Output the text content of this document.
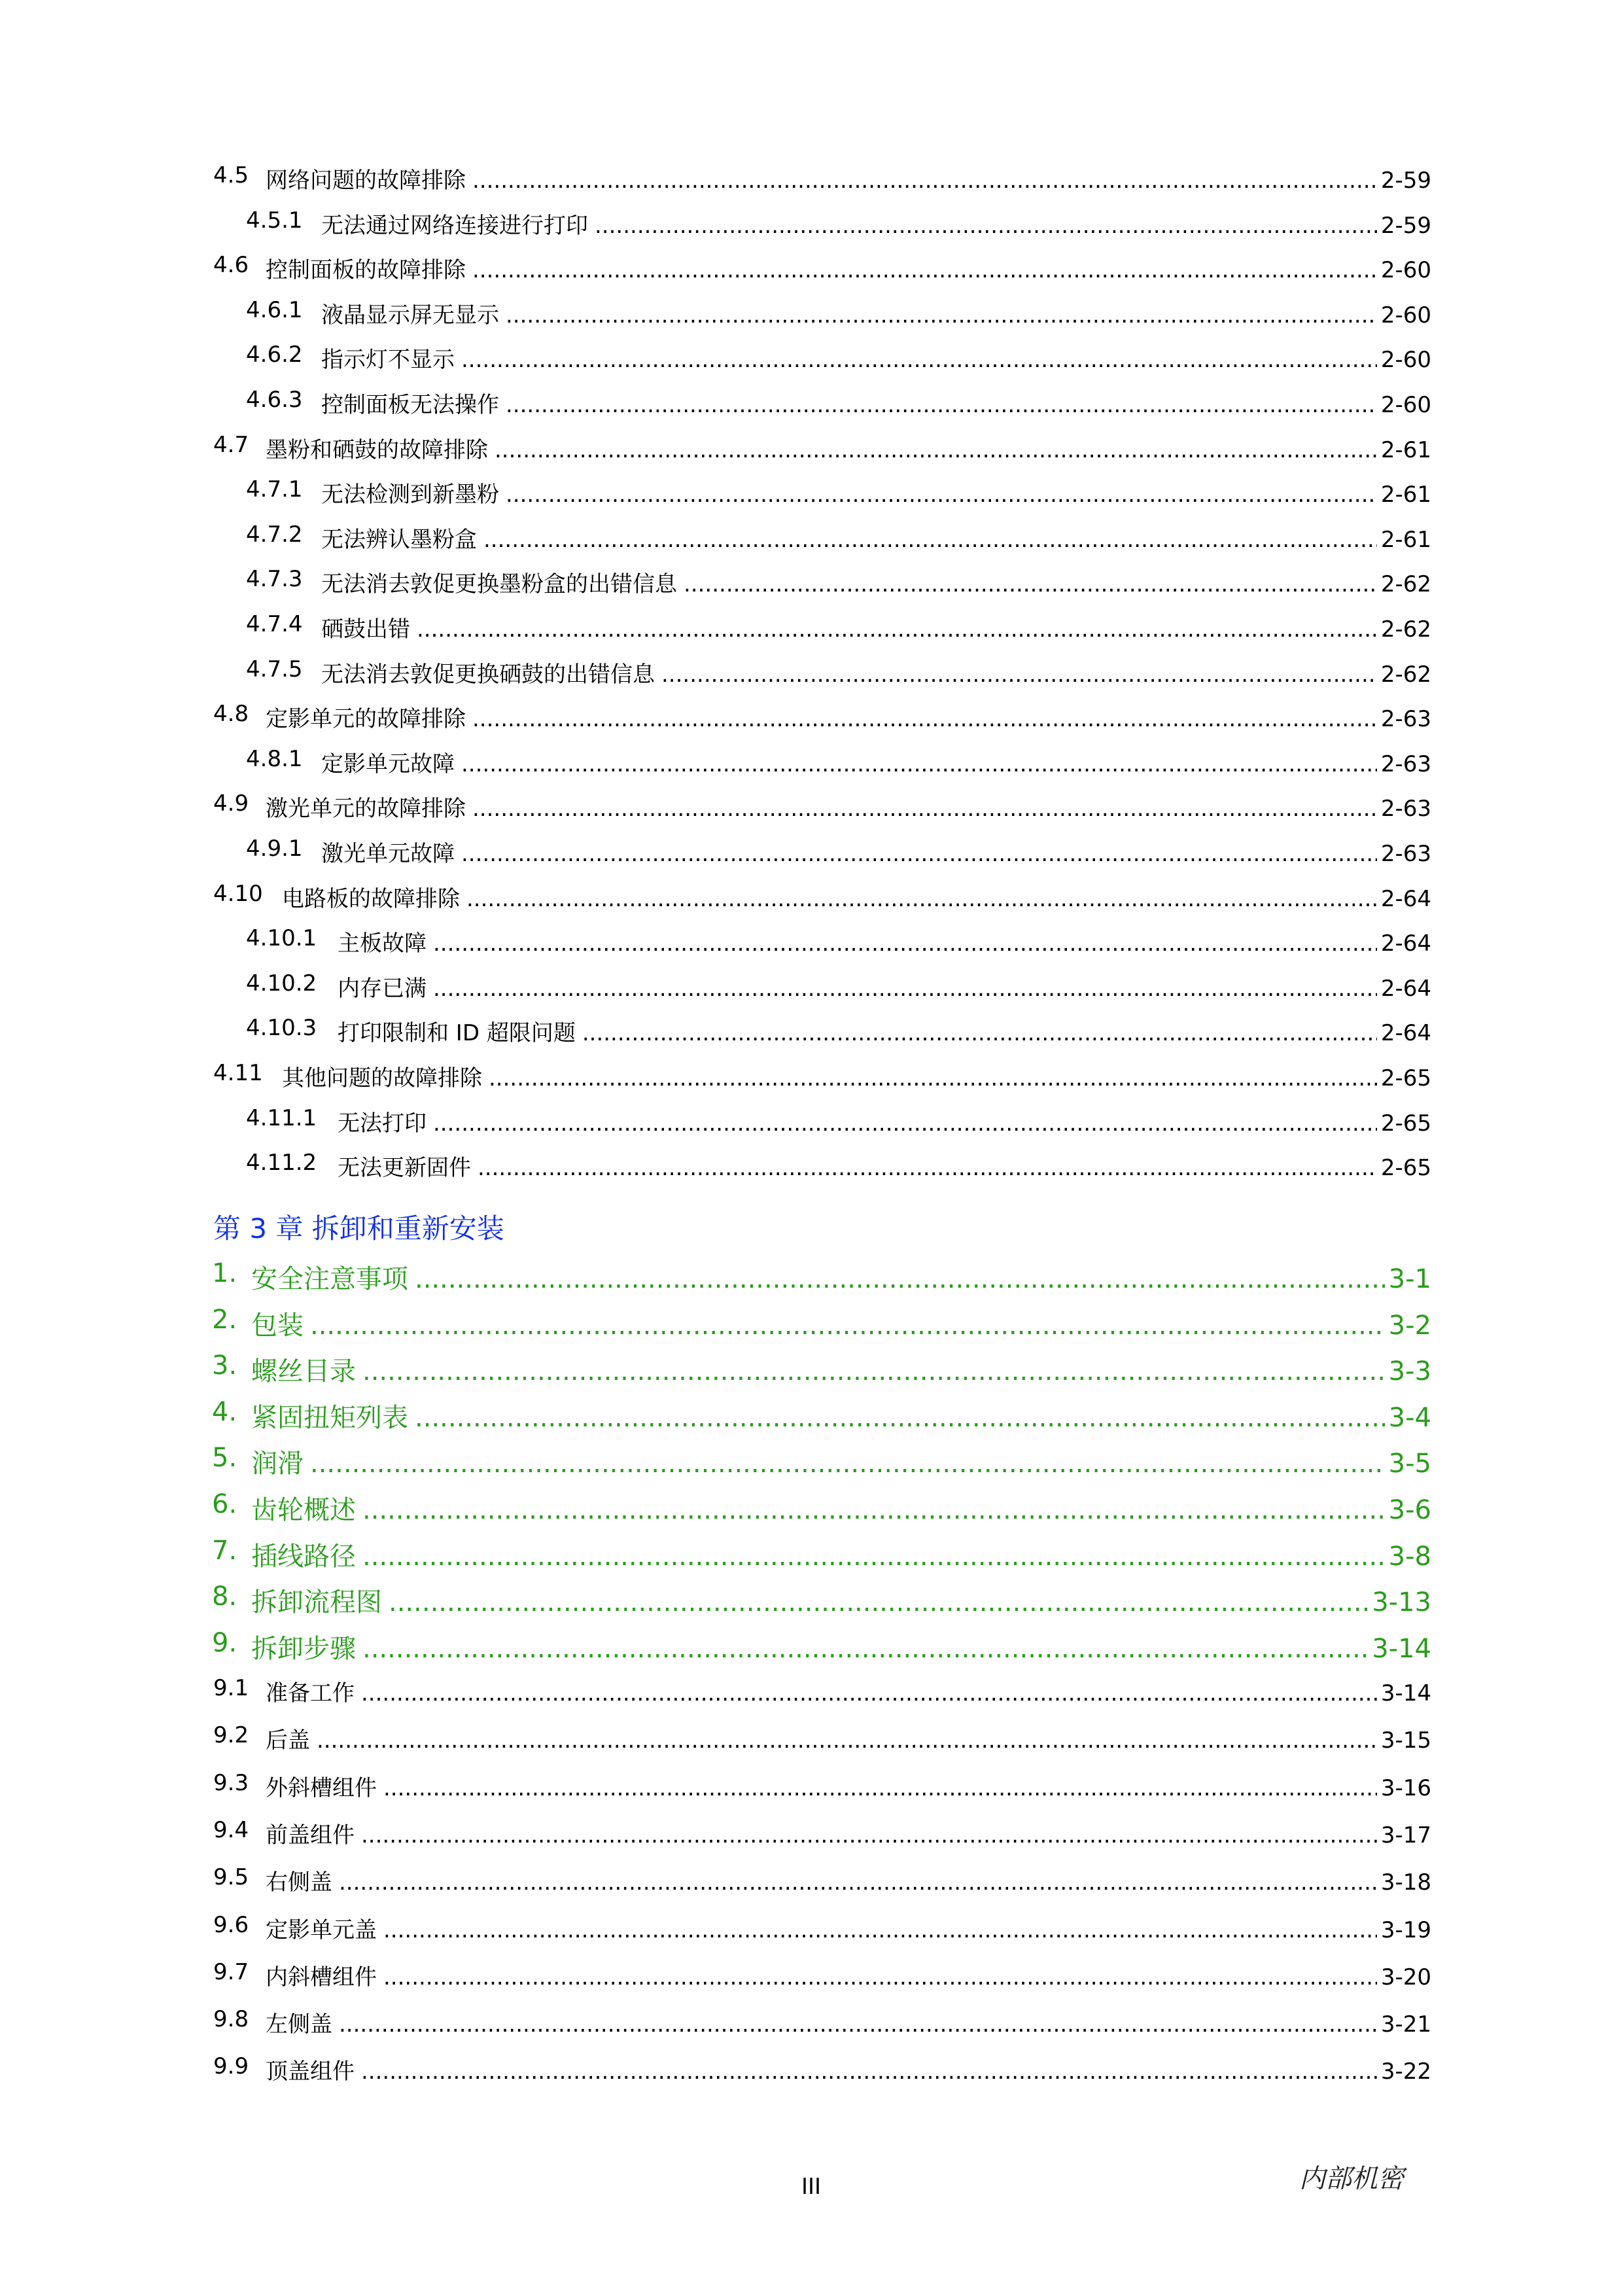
4.5 网络问题的故障排除 .....	2-59
4.5.1 无法通过网络连接进行打印 .....	2-59
4.6 控制面板的故障排除 .....	2-60
4.6.1 液晶显示屏无显示 .....	2-60
4.6.2 指示灯不显示 .....	2-60
4.6.3 控制面板无法操作 .....	2-60
4.7 墨粉和硒鼓的故障排除 .....	2-61
4.7.1 无法检测到新墨粉 .....	2-61
4.7.2 无法辨认墨粉盒 .....	2-61
4.7.3 无法消去敦促更换墨粉盒的出错信息 .....	2-62
4.7.4 硒鼓出错 .....	2-62
4.7.5 无法消去敦促更换硒鼓的出错信息 .....	2-62
4.8 定影单元的故障排除 .....	2-63
4.8.1 定影单元故障 .....	2-63
4.9 激光单元的故障排除 .....	2-63
4.9.1 激光单元故障 .....	2-63
4.10 电路板的故障排除 .....	2-64
4.10.1 主板故障 .....	2-64
4.10.2 内存已满 .....	2-64
4.10.3 打印限制和 ID 超限问题 .....	2-64
4.11 其他问题的故障排除 .....	2-65
4.11.1 无法打印 .....	2-65
4.11.2 无法更新固件 .....	2-65
1. 安全注意事项 .....	3-1
2. 包装 .....	3-2
3. 螺丝目录 .....	3-3
4. 紧固扭矩列表 .....	3-4
5. 润滑 .....	3-5
6. 齿轮概述 .....	3-6
7. 插线路径 .....	3-8
8. 拆卸流程图 .....	3-13
9. 拆卸步骤 .....	3-14
9.1 准备工作 .....	3-14
9.2 后盖 .....	3-15
9.3 外斜槽组件 .....	3-16
9.4 前盖组件 .....	3-17
9.5 右侧盖 .....	3-18
9.6 定影单元盖 .....	3-19
9.7 内斜槽组件 .....	3-20
9.8 左侧盖 .....	3-21
9.9 顶盖组件 .....	3-22
第 3 章 拆卸和重新安装
III	内部机密
